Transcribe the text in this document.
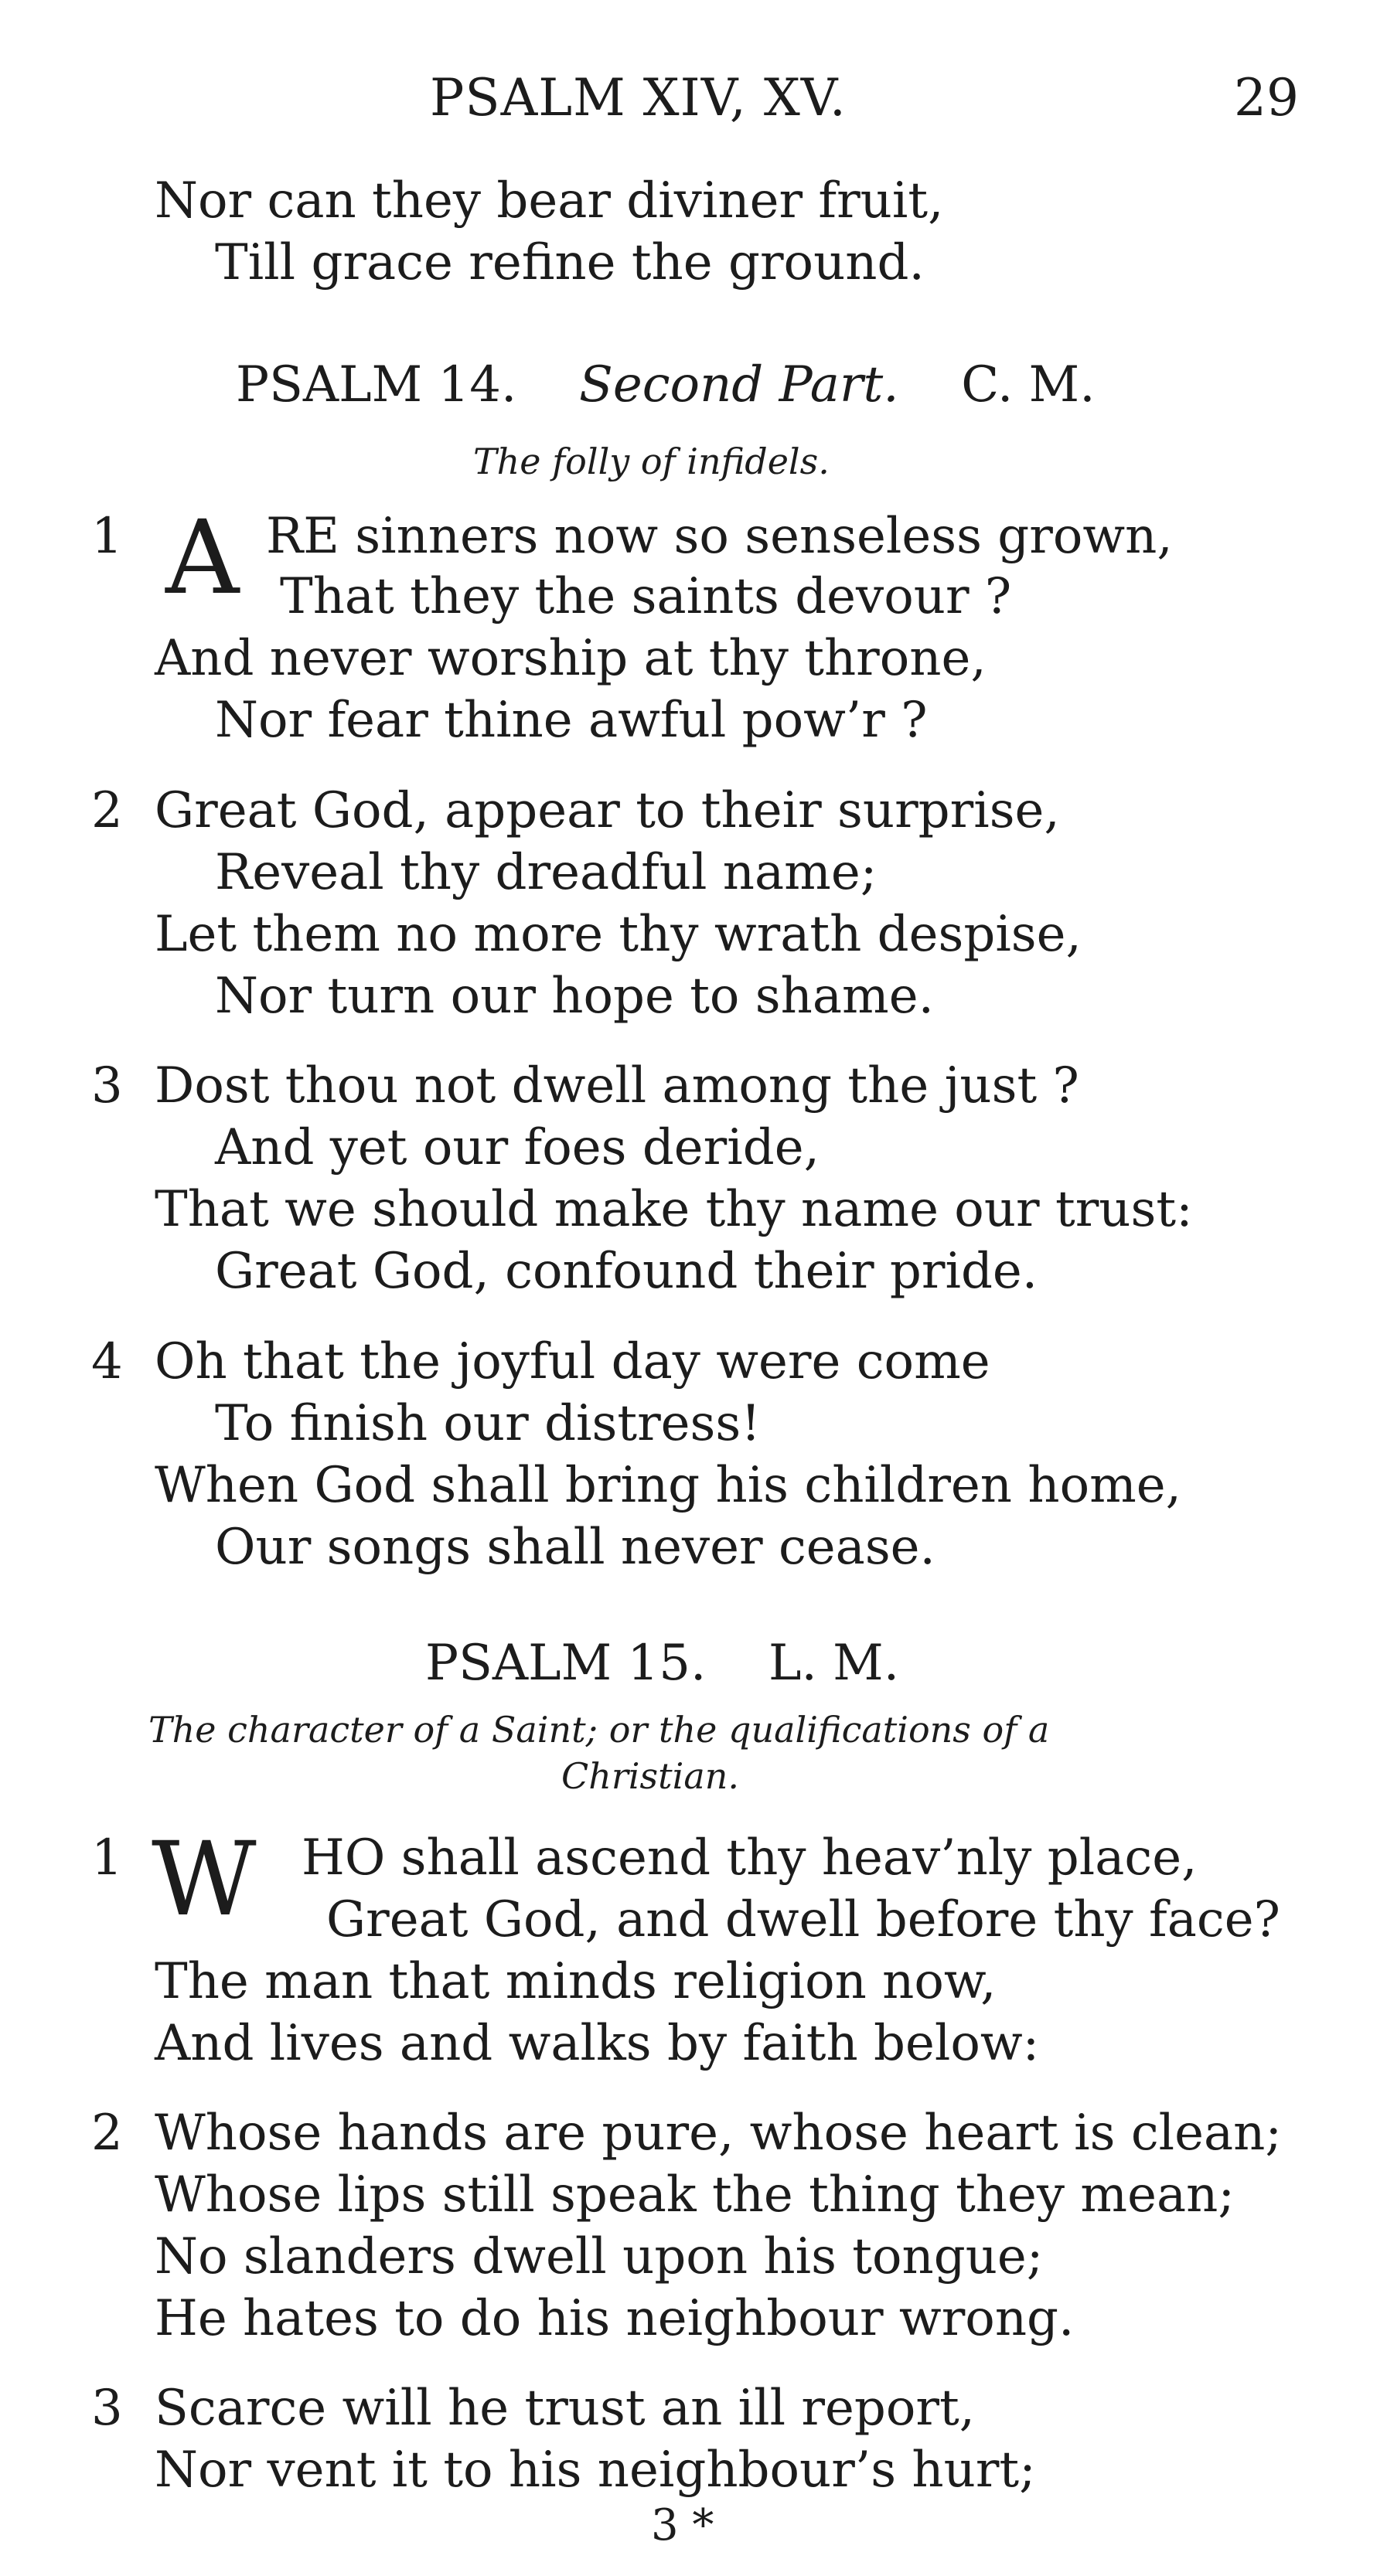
PSALM XIV, XV.	29
Nor can they bear diviner fruit,
Till grace refine the ground.
PSALM 14. Second Part. C. M.
The folly of infidels.
1 A RE sinners now so senseless grown,
That they the saints devour ?
And never worship at thy throne,
Nor fear thine awful pow’r ?
2 Great God, appear to their surprise,
Reveal thy dreadful name;
Let them no more thy wrath despise,
Nor turn our hope to shame.
3 Dost thou not dwell among the just ?
And yet our foes deride,
That we should make thy name our trust:
Great God, confound their pride.
4 Oh that the joyful day were come
To finish our distress!
When God shall bring his children home,
Our songs shall never cease.
PSALM 15. L. M.
The character of a Saint; or the qualifications of a
Christian.
1 W HO shall ascend thy heav’nly place,
Great God, and dwell before thy face?
The man that minds religion now,
And lives and walks by faith below:
2 Whose hands are pure, whose heart is clean;
Whose lips still speak the thing they mean;
No slanders dwell upon his tongue;
He hates to do his neighbour wrong.
3 Scarce will he trust an ill report,
Nor vent it to his neighbour’s hurt;
3 *
